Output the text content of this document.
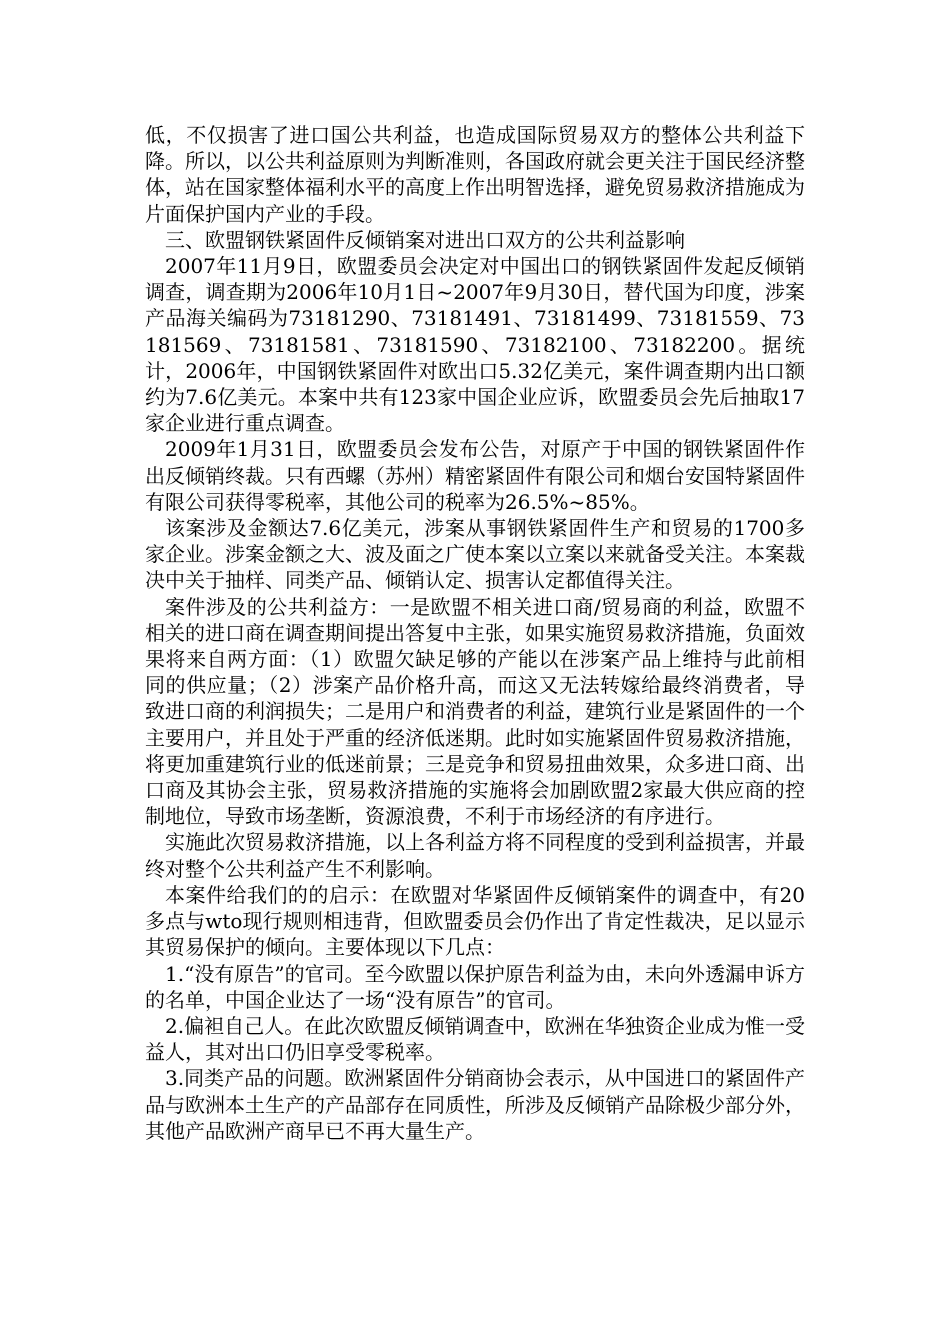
低，不仅损害了进口国公共利益，也造成国际贸易双方的整体公共利益下降。所以，以公共利益原则为判断准则，各国政府就会更关注于国民经济整体，站在国家整体福利水平的高度上作出明智选择，避免贸易救济措施成为片面保护国内产业的手段。

三、欧盟钢铁紧固件反倾销案对进出口双方的公共利益影响

2007年11月9日，欧盟委员会决定对中国出口的钢铁紧固件发起反倾销调查，调查期为2006年10月1日~2007年9月30日，替代国为印度，涉案产品海关编码为73181290、73181491、73181499、73181559、73181569、73181581、73181590、73182100、73182200。据统计，2006年，中国钢铁紧固件对欧出口5.32亿美元，案件调查期内出口额约为7.6亿美元。本案中共有123家中国企业应诉，欧盟委员会先后抽取17家企业进行重点调查。

2009年1月31日，欧盟委员会发布公告，对原产于中国的钢铁紧固件作出反倾销终裁。只有西螺（苏州）精密紧固件有限公司和烟台安国特紧固件有限公司获得零税率，其他公司的税率为26.5%~85%。

该案涉及金额达7.6亿美元，涉案从事钢铁紧固件生产和贸易的1700多家企业。涉案金额之大、波及面之广使本案以立案以来就备受关注。本案裁决中关于抽样、同类产品、倾销认定、损害认定都值得关注。

案件涉及的公共利益方：一是欧盟不相关进口商/贸易商的利益，欧盟不相关的进口商在调查期间提出答复中主张，如果实施贸易救济措施，负面效果将来自两方面：（1）欧盟欠缺足够的产能以在涉案产品上维持与此前相同的供应量；（2）涉案产品价格升高，而这又无法转嫁给最终消费者，导致进口商的利润损失；二是用户和消费者的利益，建筑行业是紧固件的一个主要用户，并且处于严重的经济低迷期。此时如实施紧固件贸易救济措施，将更加重建筑行业的低迷前景；三是竞争和贸易扭曲效果，众多进口商、出口商及其协会主张，贸易救济措施的实施将会加剧欧盟2家最大供应商的控制地位，导致市场垄断，资源浪费，不利于市场经济的有序进行。

实施此次贸易救济措施，以上各利益方将不同程度的受到利益损害，并最终对整个公共利益产生不利影响。

本案件给我们的的启示：在欧盟对华紧固件反倾销案件的调查中，有20多点与wto现行规则相违背，但欧盟委员会仍作出了肯定性裁决，足以显示其贸易保护的倾向。主要体现以下几点：

1.“没有原告”的官司。至今欧盟以保护原告利益为由，未向外透漏申诉方的名单，中国企业达了一场“没有原告”的官司。

2.偏袒自己人。在此次欧盟反倾销调查中，欧洲在华独资企业成为惟一受益人，其对出口仍旧享受零税率。

3.同类产品的问题。欧洲紧固件分销商协会表示，从中国进口的紧固件产品与欧洲本土生产的产品部存在同质性，所涉及反倾销产品除极少部分外，其他产品欧洲产商早已不再大量生产。
